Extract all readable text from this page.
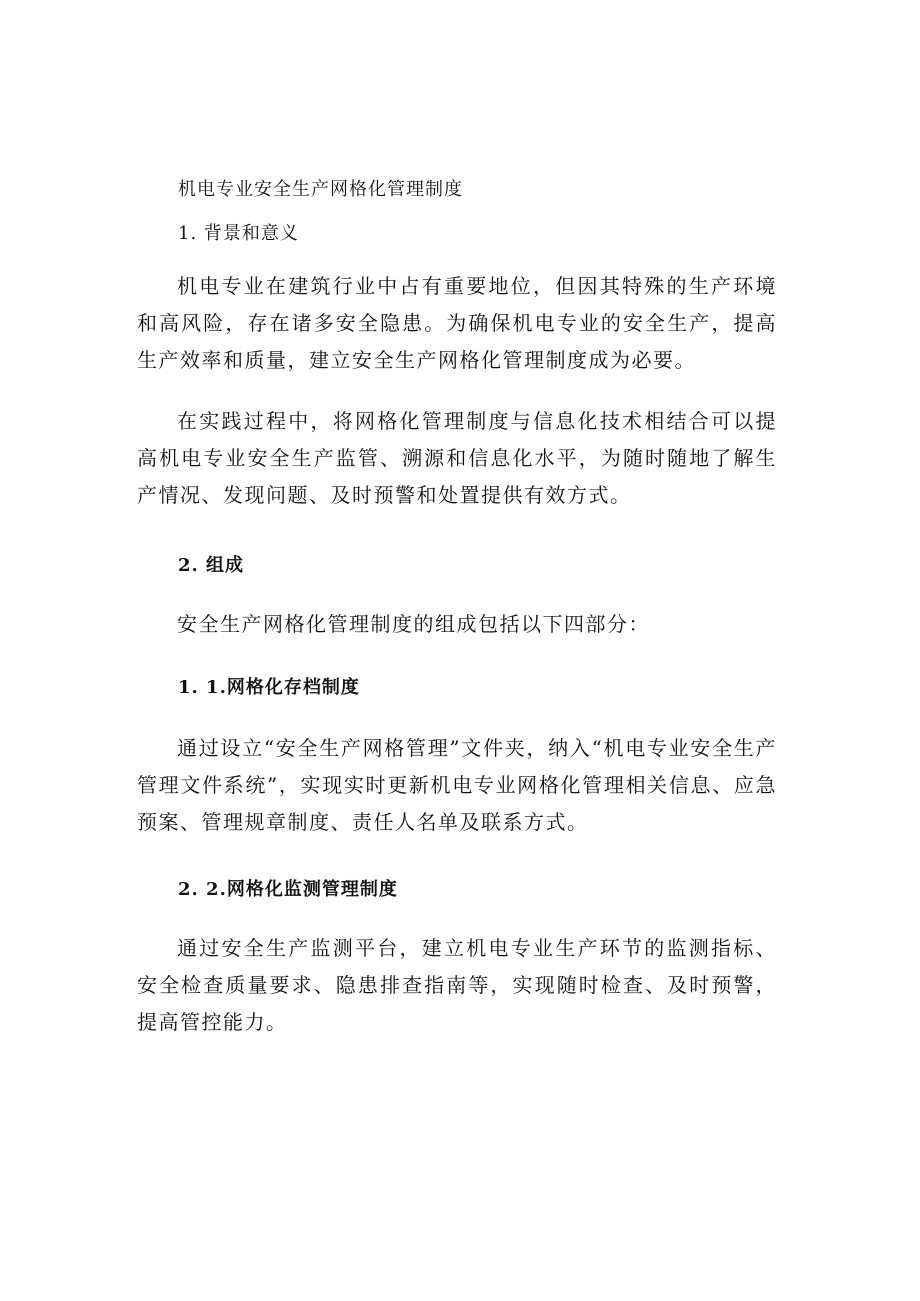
机电专业安全生产网格化管理制度
1. 背景和意义
机电专业在建筑行业中占有重要地位，但因其特殊的生产环境和高风险，存在诸多安全隐患。为确保机电专业的安全生产，提高生产效率和质量，建立安全生产网格化管理制度成为必要。
在实践过程中，将网格化管理制度与信息化技术相结合可以提高机电专业安全生产监管、溯源和信息化水平，为随时随地了解生产情况、发现问题、及时预警和处置提供有效方式。
2. 组成
安全生产网格化管理制度的组成包括以下四部分：
1. 1.网格化存档制度
通过设立“安全生产网格管理”文件夹，纳入“机电专业安全生产管理文件系统”，实现实时更新机电专业网格化管理相关信息、应急预案、管理规章制度、责任人名单及联系方式。
2. 2.网格化监测管理制度
通过安全生产监测平台，建立机电专业生产环节的监测指标、安全检查质量要求、隐患排查指南等，实现随时检查、及时预警，提高管控能力。
